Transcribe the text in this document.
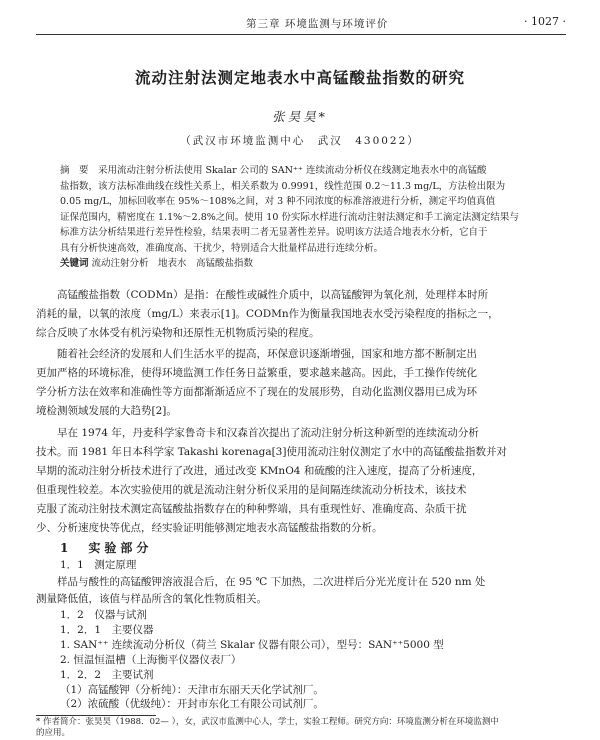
第三章 环境监测与环境评价	· 1027 ·
流动注射法测定地表水中高锰酸盐指数的研究
张昊昊*
（武汉市环境监测中心　武汉　430022）

摘　要　采用流动注射分析法使用 Skalar 公司的 SAN⁺⁺ 连续流动分析仪在线测定地表水中的高锰酸

盐指数，该方法标准曲线在线性关系上，相关系数为 0.9991，线性范围 0.2～11.3 mg/L，方法检出限为

0.05 mg/L，加标回收率在 95%～108%之间，对 3 种不同浓度的标准溶液进行分析，测定平均值真值

证保范围内，精密度在 1.1%～2.8%之间。使用 10 份实际水样进行流动注射法测定和手工滴定法测定结果与

标准方法分析结果进行差异性检验，结果表明二者无显著性差异。说明该方法适合地表水分析，它自于

具有分析快速高效，准确度高、干扰少，特别适合大批量样品进行连续分析。

关键词 流动注射分析　地表水　高锰酸盐指数

高锰酸盐指数（CODMn）是指：在酸性或碱性介质中，以高锰酸钾为氧化剂，处理样本时所

消耗的量，以氧的浓度（mg/L）来表示[1]。CODMn作为衡量我国地表水受污染程度的指标之一，

综合反映了水体受有机污染物和还原性无机物质污染的程度。

随着社会经济的发展和人们生活水平的提高，环保意识逐渐增强，国家和地方都不断制定出

更加严格的环境标准，使得环境监测工作任务日益繁重，要求越来越高。因此，手工操作传统化

学分析方法在效率和准确性等方面都渐渐适应不了现在的发展形势，自动化监测仪器用已成为环

境检测领域发展的大趋势[2]。

早在 1974 年，丹麦科学家鲁奇卡和汉森首次提出了流动注射分析这种新型的连续流动分析

技术。而 1981 年日本科学家 Takashi korenaga[3]使用流动注射仪测定了水中的高锰酸盐指数并对

早期的流动注射分析技术进行了改进，通过改变 KMnO4 和硫酸的注入速度，提高了分析速度，

但重现性较差。本次实验使用的就是流动注射分析仪采用的是间隔连续流动分析技术，该技术

克服了流动注射技术测定高锰酸盐指数存在的种种弊端，具有重现性好、准确度高、杂质干扰

少、分析速度快等优点，经实验证明能够测定地表水高锰酸盐指数的分析。

1　实验部分

1．1　测定原理

样品与酸性的高锰酸钾溶液混合后，在 95 ℃ 下加热，二次进样后分光光度计在 520 nm 处

测量降低值，该值与样品所含的氧化性物质相关。

1．2　仪器与试剂

1．2．1　主要仪器

1. SAN⁺⁺ 连续流动分析仪（荷兰 Skalar 仪器有限公司），型号：SAN⁺⁺5000 型

2. 恒温恒温槽（上海衡平仪器仪表厂）

1．2．2　主要试剂

（1）高锰酸钾（分析纯）：天津市东丽天天化学试剂厂。

（2）浓硫酸（优级纯）：开封市东化工有限公司试剂厂。

* 作者简介：张昊昊（1988．02— ），女，武汉市监测中心人，学士，实验工程师。研究方向：环境监测分析在环境监测中

的应用。
